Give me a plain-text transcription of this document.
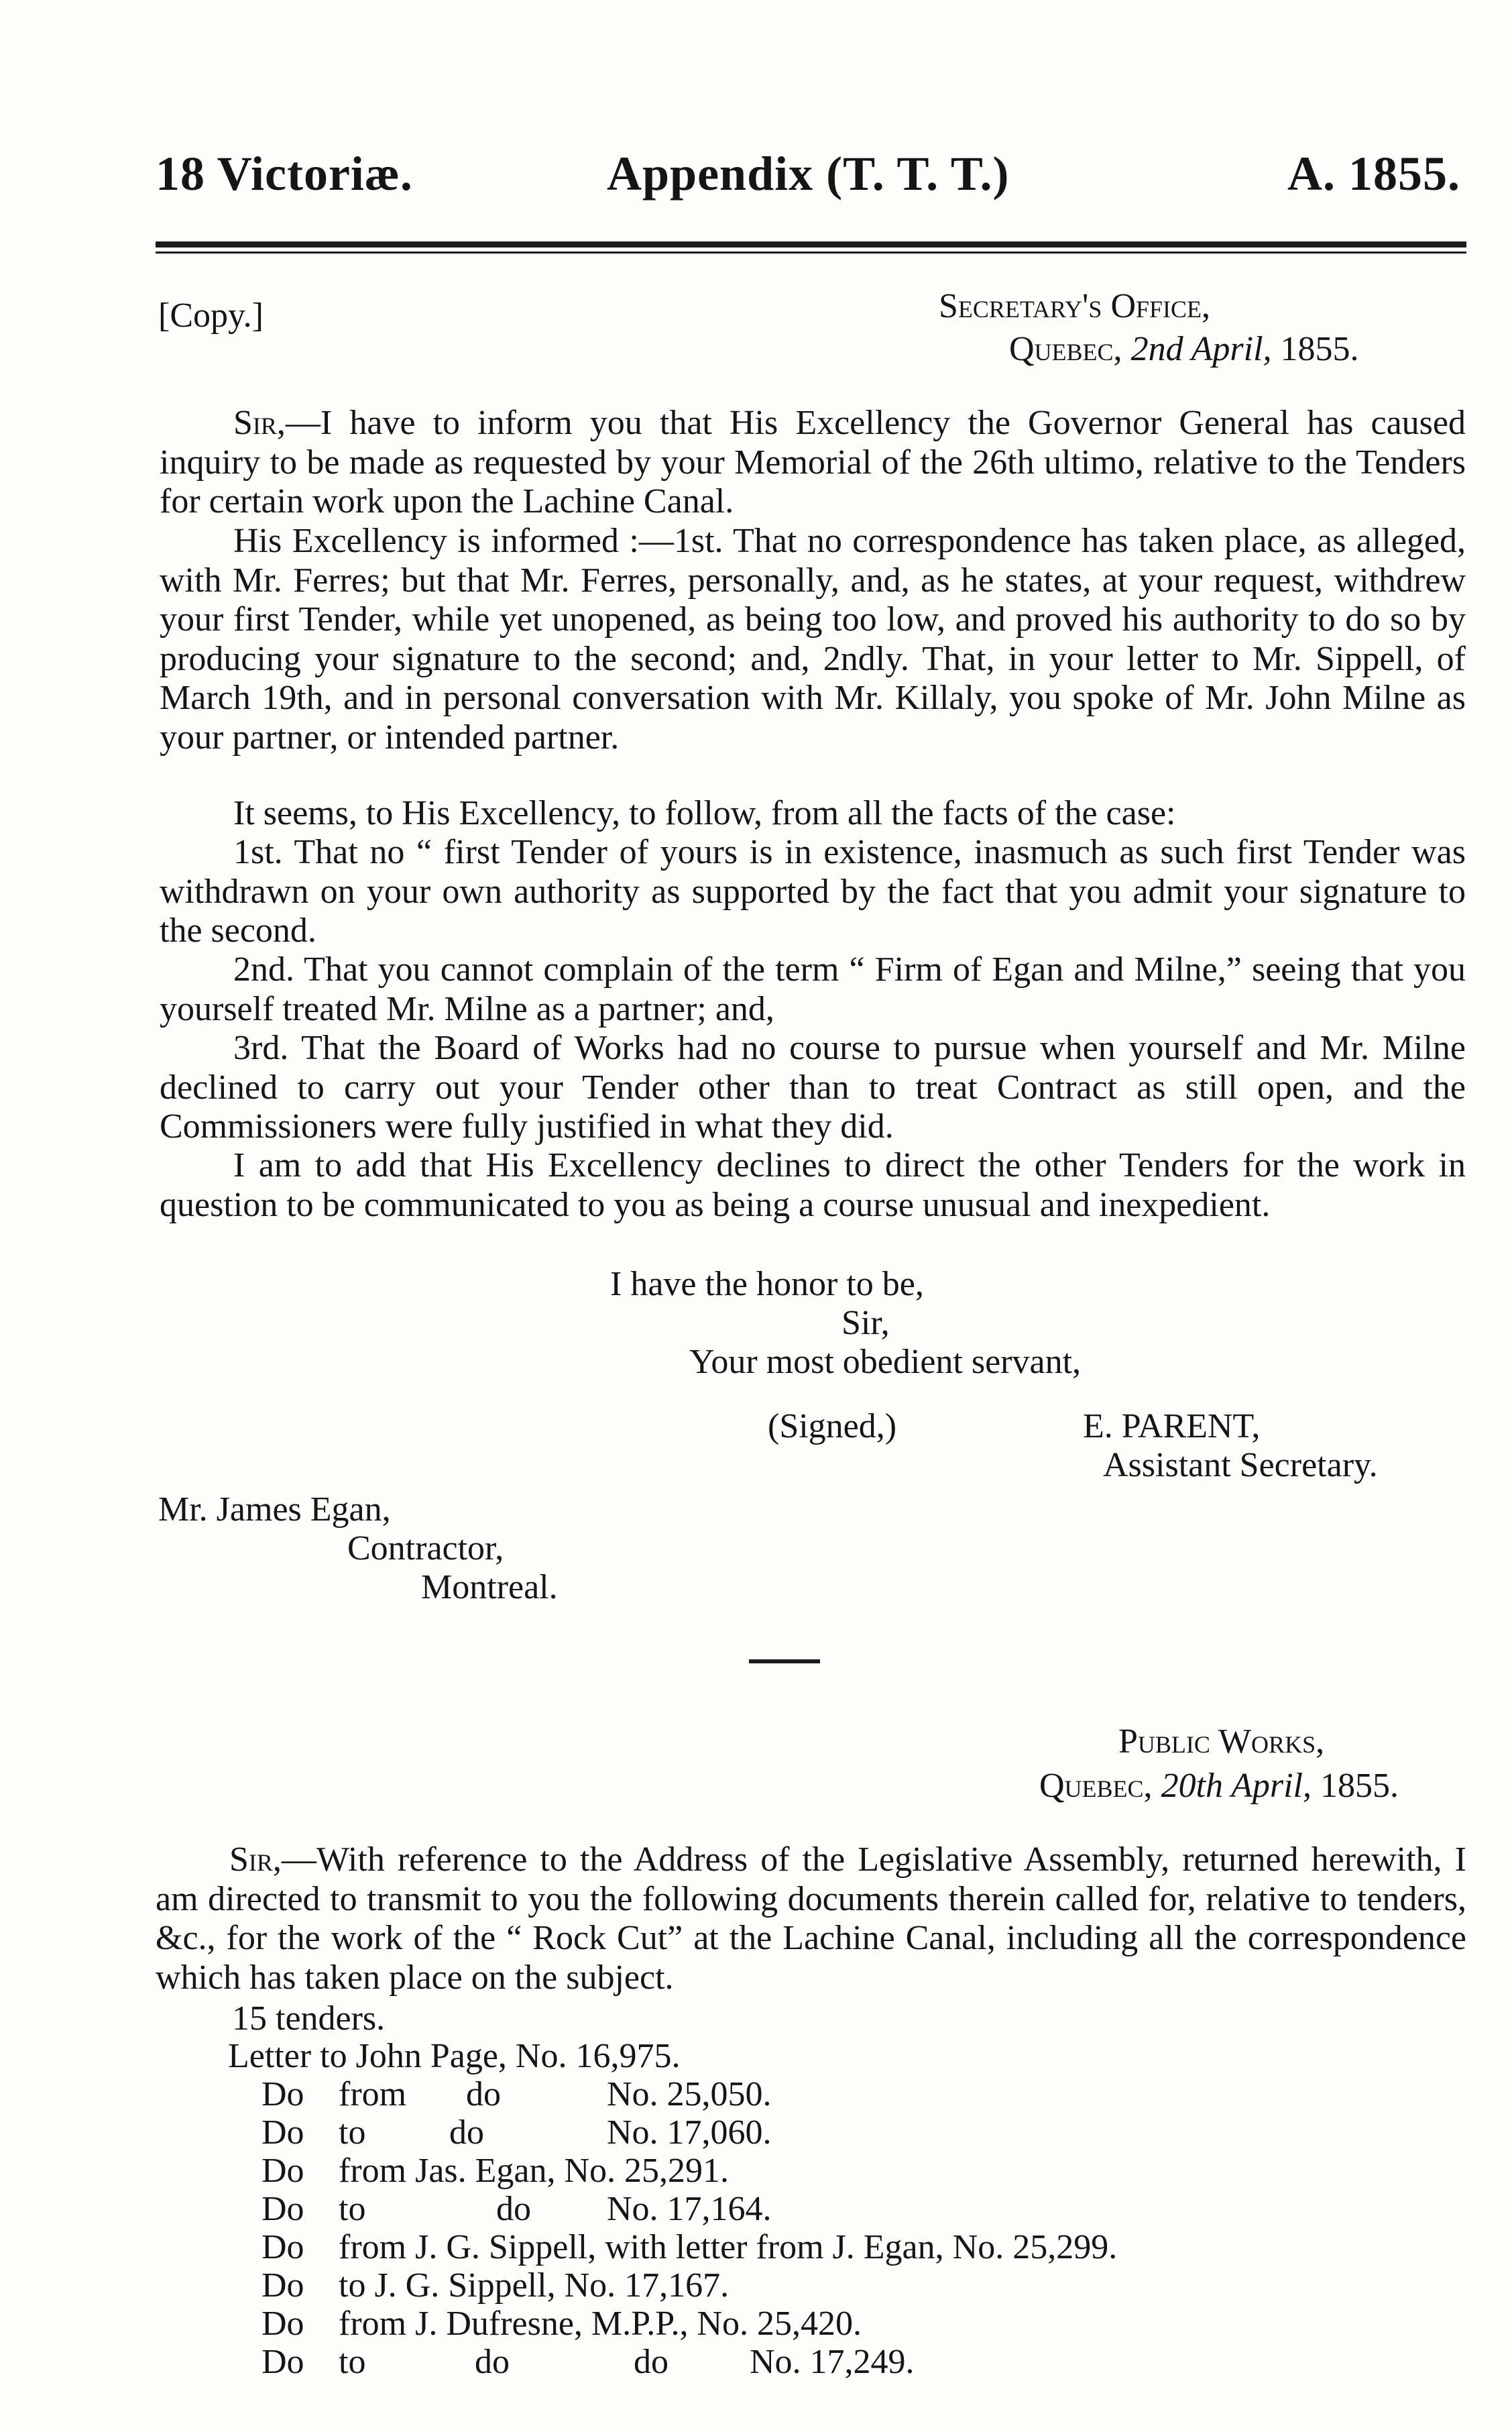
18 Victoriæ.	Appendix (T. T. T.)	A. 1855.
[Copy.]	Secretary's Office,
Quebec, 2nd April, 1855.
Sir,—I have to inform you that His Excellency the Governor General has caused inquiry to be made as requested by your Memorial of the 26th ultimo, relative to the Tenders for certain work upon the Lachine Canal.
His Excellency is informed :—1st. That no correspondence has taken place, as alleged, with Mr. Ferres; but that Mr. Ferres, personally, and, as he states, at your request, withdrew your first Tender, while yet unopened, as being too low, and proved his authority to do so by producing your signature to the second; and, 2ndly. That, in your letter to Mr. Sippell, of March 19th, and in personal conversation with Mr. Killaly, you spoke of Mr. John Milne as your partner, or intended partner.
It seems, to His Excellency, to follow, from all the facts of the case:
1st. That no “ first Tender of yours is in existence, inasmuch as such first Tender was withdrawn on your own authority as supported by the fact that you admit your signature to the second.
2nd. That you cannot complain of the term “ Firm of Egan and Milne,” seeing that you yourself treated Mr. Milne as a partner; and,
3rd. That the Board of Works had no course to pursue when yourself and Mr. Milne declined to carry out your Tender other than to treat Contract as still open, and the Commissioners were fully justified in what they did.
I am to add that His Excellency declines to direct the other Tenders for the work in question to be communicated to you as being a course unusual and inexpedient.
I have the honor to be,
Sir,
Your most obedient servant,
(Signed,)	E. PARENT,
Assistant Secretary.
Mr. James Egan,
Contractor,
Montreal.
Public Works,
Quebec, 20th April, 1855.
Sir,—With reference to the Address of the Legislative Assembly, returned herewith, I am directed to transmit to you the following documents therein called for, relative to tenders, &c., for the work of the “ Rock Cut” at the Lachine Canal, including all the correspondence which has taken place on the subject.
15 tenders.
Letter to John Page, No. 16,975.
Do from do	No. 25,050.
Do to do	No. 17,060.
Do from Jas. Egan, No. 25,291.
Do to	do No. 17,164.
Do from J. G. Sippell, with letter from J. Egan, No. 25,299.
Do to J. G. Sippell, No. 17,167.
Do from J. Dufresne, M.P.P., No. 25,420.
Do to	do	do No. 17,249.
